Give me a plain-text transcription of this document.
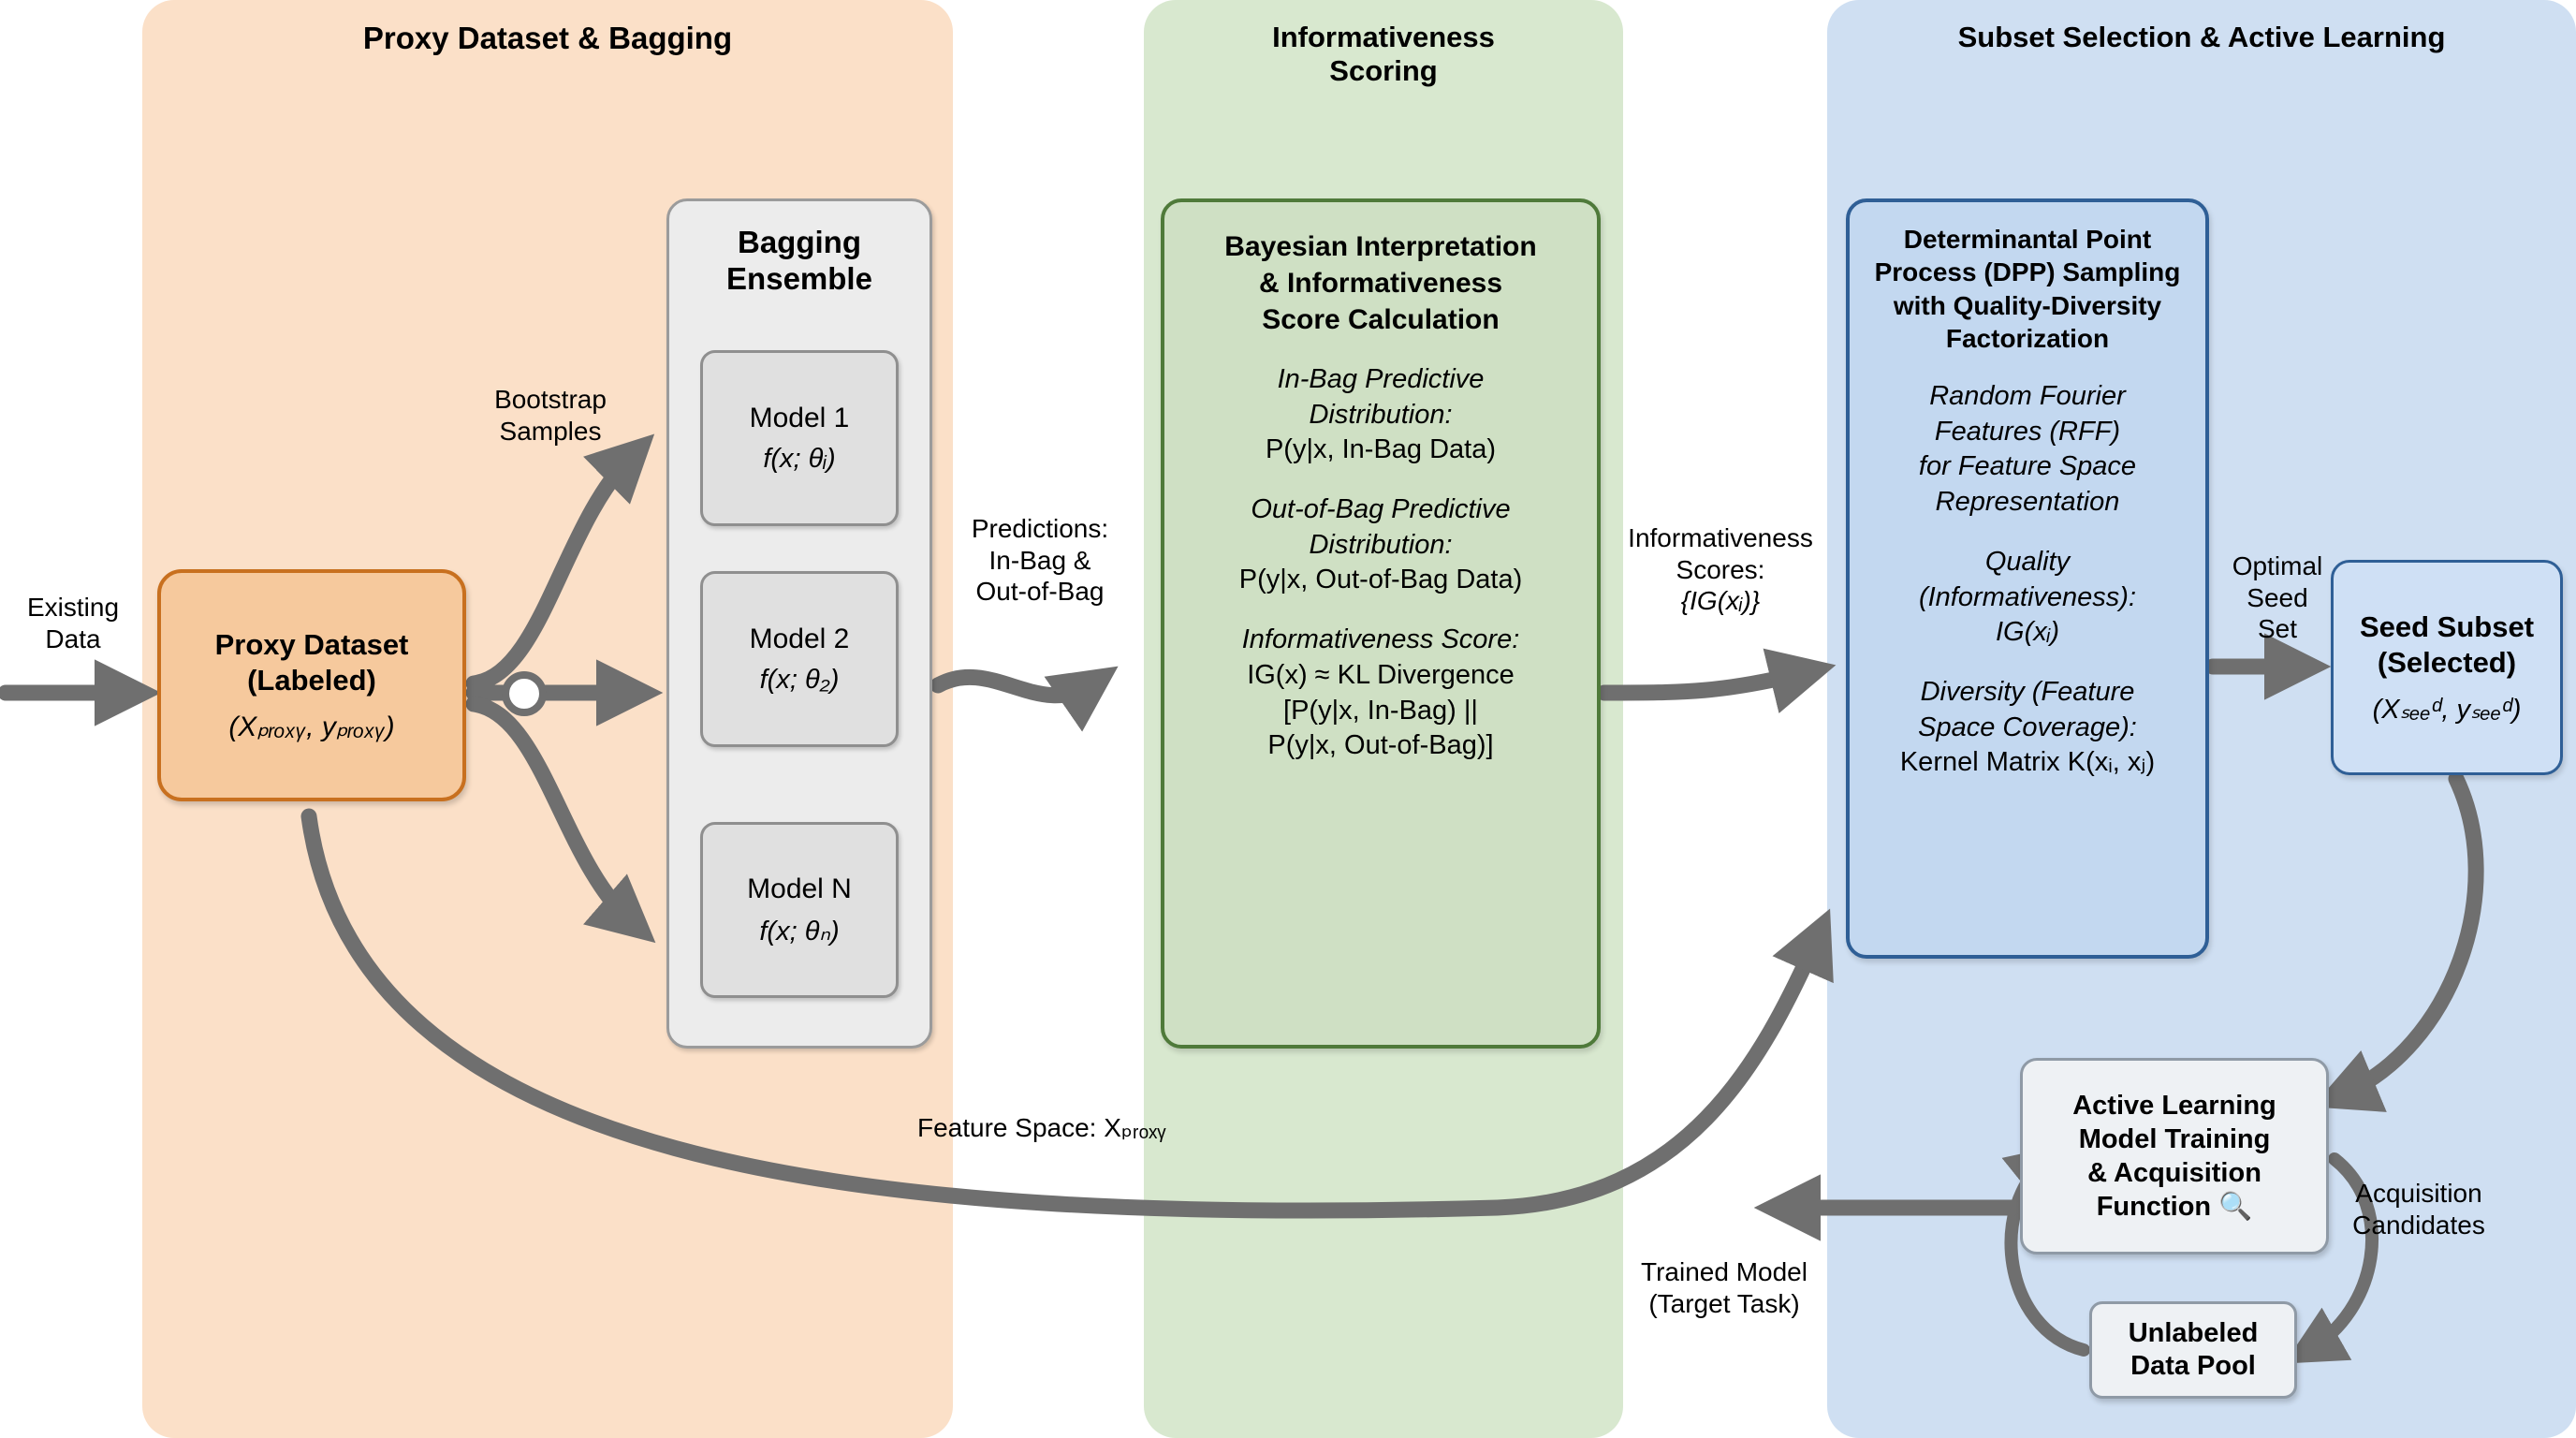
Proxy Dataset & Bagging	Informativeness
Scoring
Subset Selection & Active Learning
Proxy Dataset
(Labeled)
(Xₚᵣₒₓᵧ, yₚᵣₒₓᵧ)
Bagging
Ensemble
Model 1
f(x; θᵢ)
Model 2
f(x; θ₂)
Model N
f(x; θₙ)
Bayesian Interpretation
& Informativeness
Score Calculation
In-Bag Predictive
Distribution:
P(y|x, In-Bag Data)
Out-of-Bag Predictive
Distribution:
P(y|x, Out-of-Bag Data)
Informativeness Score:
IG(x) ≈ KL Divergence
[P(y|x, In-Bag) ||
P(y|x, Out-of-Bag)]
Determinantal Point
Process (DPP) Sampling
with Quality-Diversity
Factorization
Random Fourier
Features (RFF)
for Feature Space
Representation
Quality
(Informativeness):
IG(xᵢ)
Diversity (Feature
Space Coverage):
Kernel Matrix K(xᵢ, xⱼ)
Seed Subset
(Selected)
(Xₛₑₑᵈ, yₛₑₑᵈ)
Active Learning
Model Training
& Acquisition
Function 🔍
Unlabeled
Data Pool
Existing
Data
Bootstrap
Samples
Predictions:
In-Bag &
Out-of-Bag
Informativeness
Scores:
{IG(xᵢ)}
Optimal
Seed
Set
Feature Space: Xₚᵣₒₓᵧ
Acquisition
Candidates
Trained Model
(Target Task)
